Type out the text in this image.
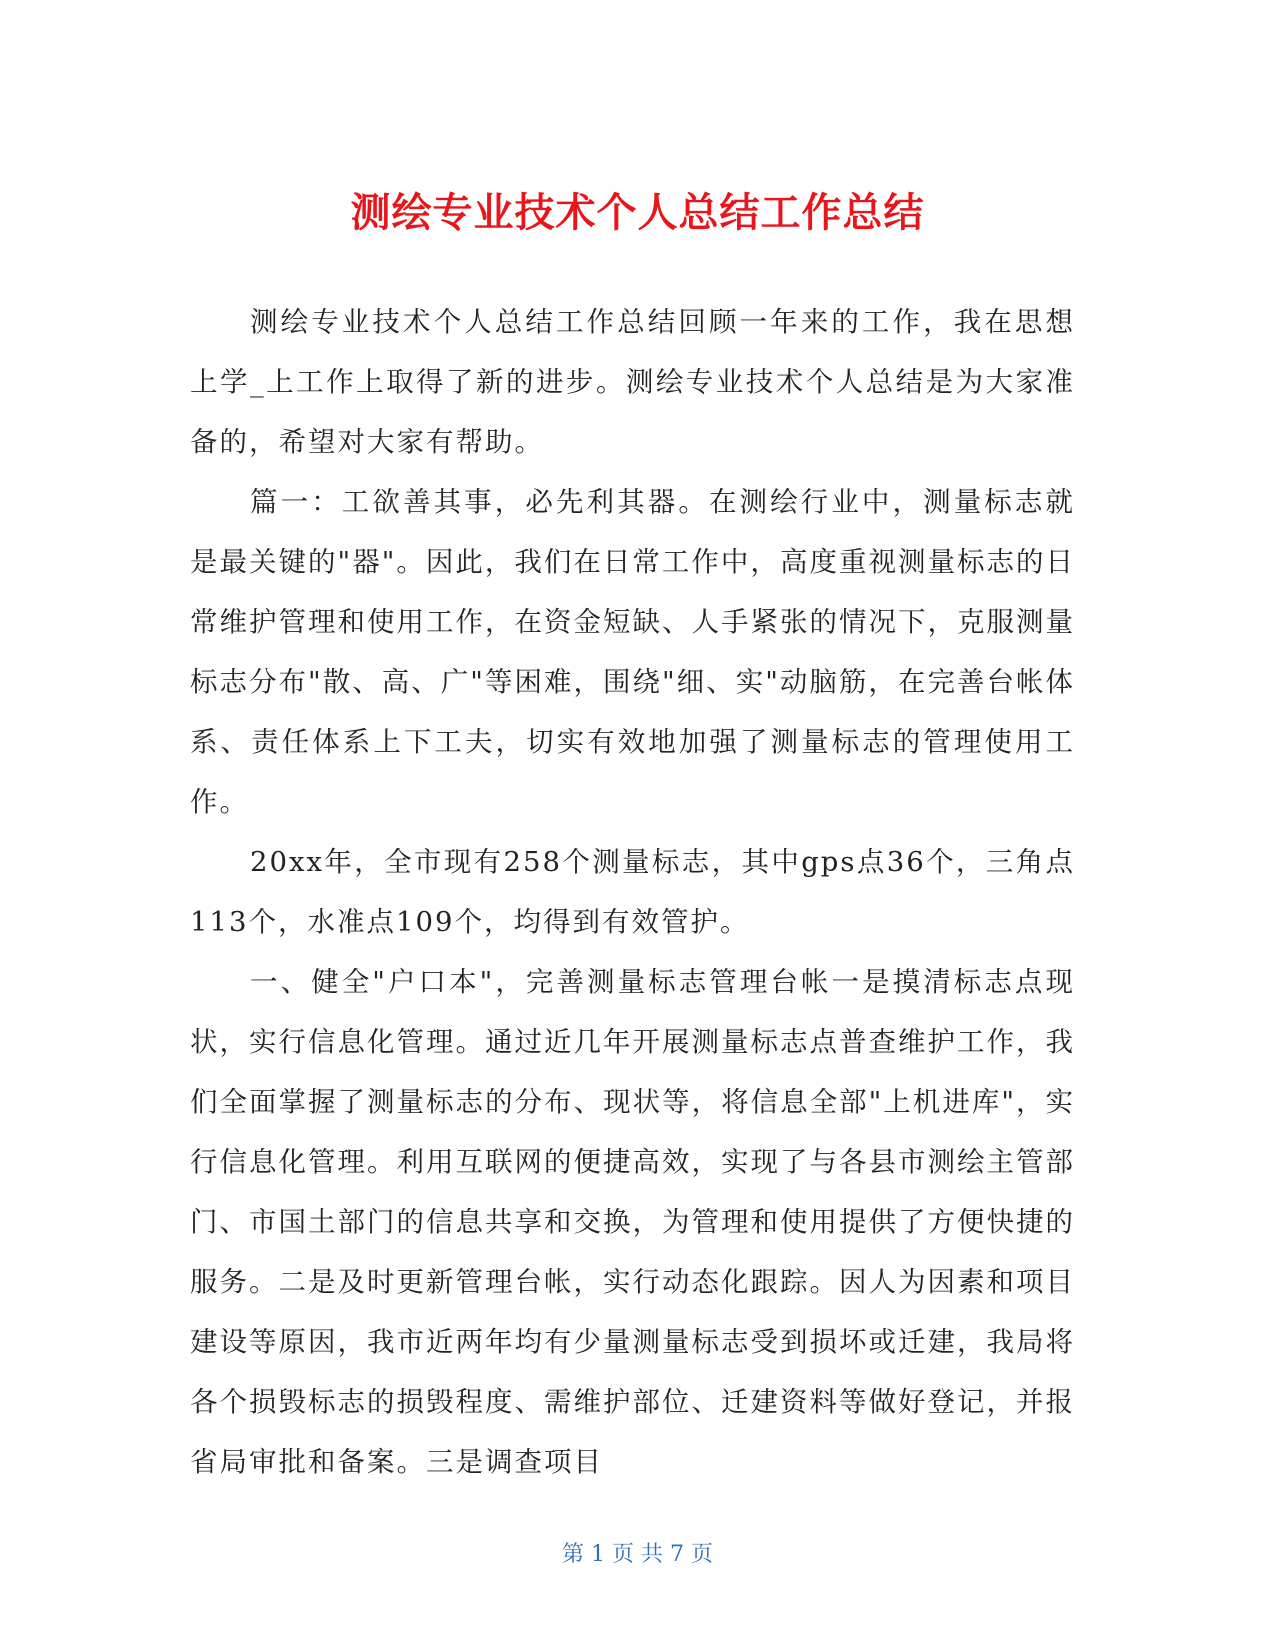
测绘专业技术个人总结工作总结

测绘专业技术个人总结工作总结回顾一年来的工作，我在思想上学_上工作上取得了新的进步。测绘专业技术个人总结是为大家准备的，希望对大家有帮助。

篇一：工欲善其事，必先利其器。在测绘行业中，测量标志就是最关键的"器"。因此，我们在日常工作中，高度重视测量标志的日常维护管理和使用工作，在资金短缺、人手紧张的情况下，克服测量标志分布"散、高、广"等困难，围绕"细、实"动脑筋，在完善台帐体系、责任体系上下工夫，切实有效地加强了测量标志的管理使用工作。

20xx年，全市现有258个测量标志，其中gps点36个，三角点113个，水准点109个，均得到有效管护。

一、健全"户口本"，完善测量标志管理台帐一是摸清标志点现状，实行信息化管理。通过近几年开展测量标志点普查维护工作，我们全面掌握了测量标志的分布、现状等，将信息全部"上机进库"，实行信息化管理。利用互联网的便捷高效，实现了与各县市测绘主管部门、市国土部门的信息共享和交换，为管理和使用提供了方便快捷的服务。二是及时更新管理台帐，实行动态化跟踪。因人为因素和项目建设等原因，我市近两年均有少量测量标志受到损坏或迁建，我局将各个损毁标志的损毁程度、需维护部位、迁建资料等做好登记，并报省局审批和备案。三是调查项目

第 1 页 共 7 页
